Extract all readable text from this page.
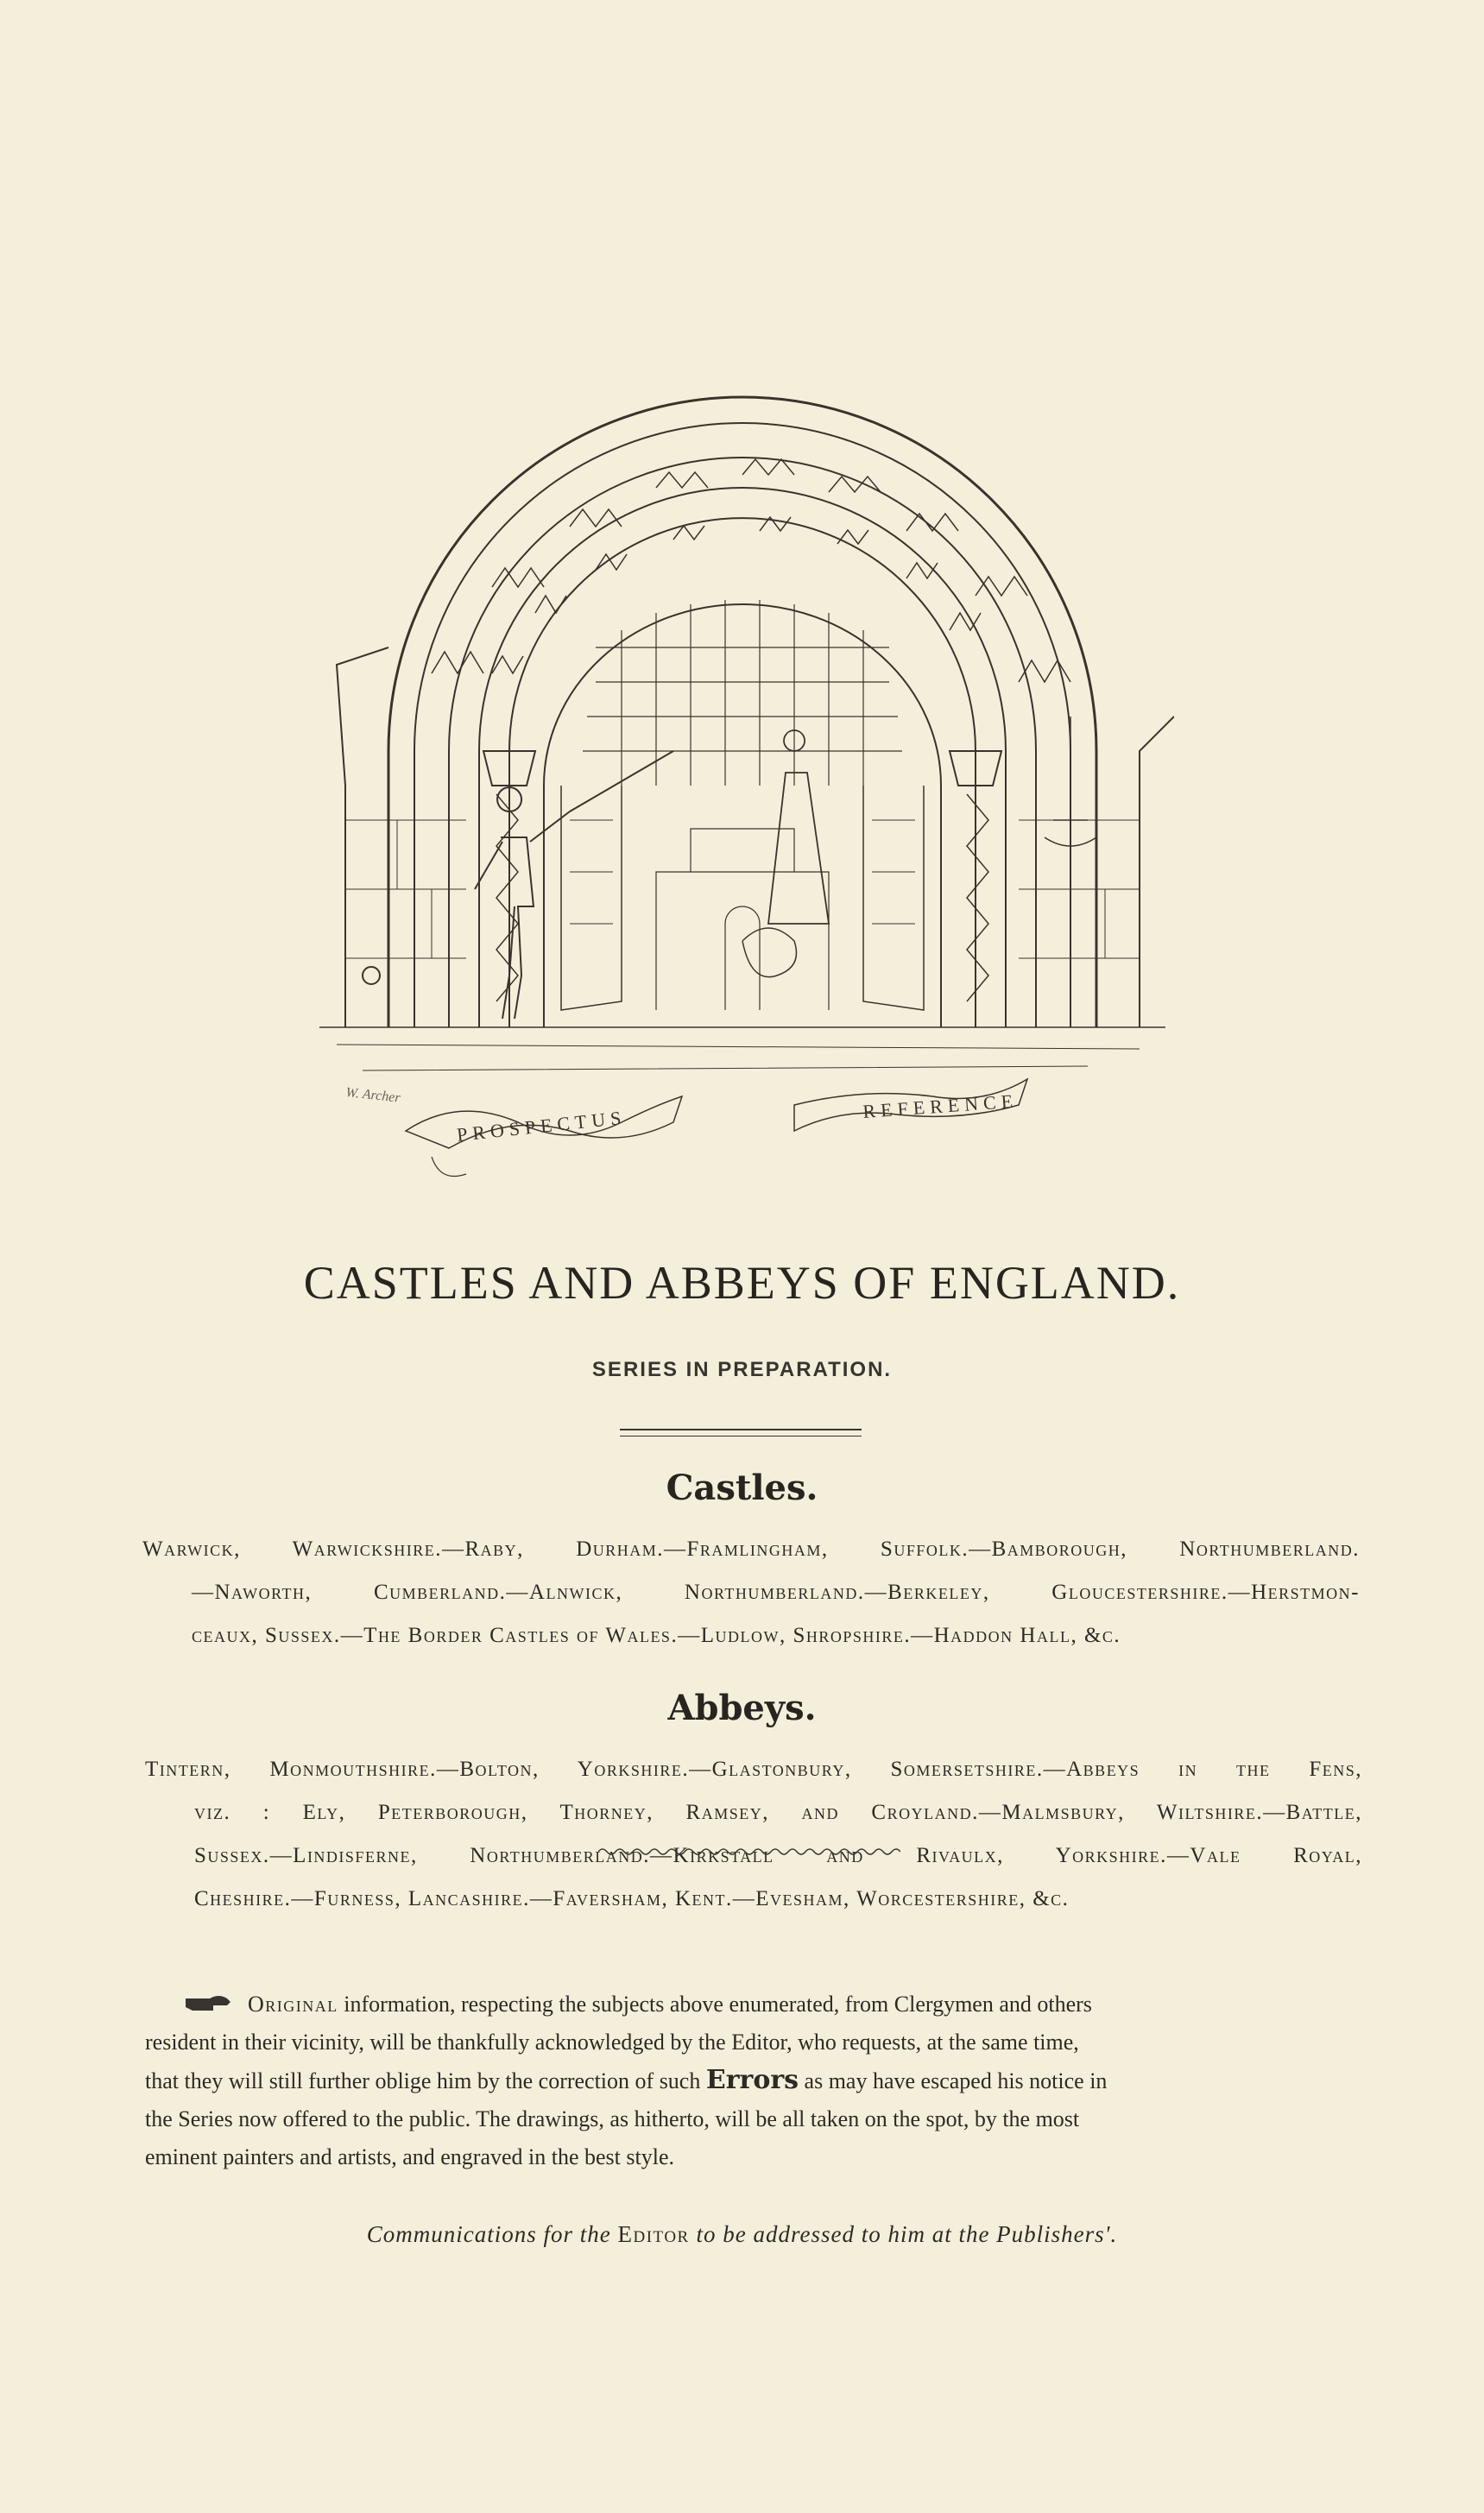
PROSPECTUS
REFERENCE
W. Archer
CASTLES AND ABBEYS OF ENGLAND.
SERIES IN PREPARATION.
Castles.
Warwick, Warwickshire.—Raby, Durham.—Framlingham, Suffolk.—Bamborough, Northumberland.
—Naworth, Cumberland.—Alnwick, Northumberland.—Berkeley, Gloucestershire.—Herstmon-
ceaux, Sussex.—The Border Castles of Wales.—Ludlow, Shropshire.—Haddon Hall, &c.
Abbeys.
Tintern, Monmouthshire.—Bolton, Yorkshire.—Glastonbury, Somersetshire.—Abbeys in the Fens,
viz. : Ely, Peterborough, Thorney, Ramsey, and Croyland.—Malmsbury, Wiltshire.—Battle,
Sussex.—Lindisferne, Northumberland.—Kirkstall and Rivaulx, Yorkshire.—Vale Royal,
Cheshire.—Furness, Lancashire.—Faversham, Kent.—Evesham, Worcestershire, &c.
Original information, respecting the subjects above enumerated, from Clergymen and others
resident in their vicinity, will be thankfully acknowledged by the Editor, who requests, at the same time,
that they will still further oblige him by the correction of such Errors as may have escaped his notice in
the Series now offered to the public. The drawings, as hitherto, will be all taken on the spot, by the most
eminent painters and artists, and engraved in the best style.
Communications for the Editor to be addressed to him at the Publishers'.
